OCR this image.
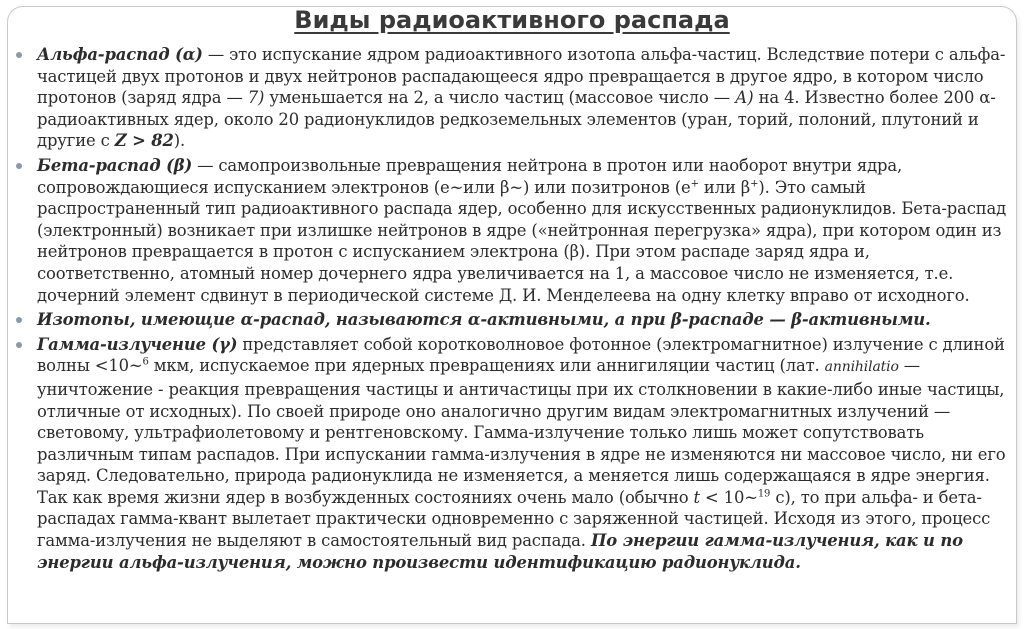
Виды радиоактивного распада
Альфа-распад (α) — это испускание ядром радиоактивного изотопа альфа-частиц. Вследствие потери с альфа-частицей двух протонов и двух нейтронов распадающееся ядро превращается в другое ядро, в котором число протонов (заряд ядра — 7) уменьшается на 2, а число частиц (массовое число — А) на 4. Известно более 200 α-радиоактивных ядер, около 20 радионуклидов редкоземельных элементов (уран, торий, полоний, плутоний и другие с Z > 82).
Бета-распад (β) — самопроизвольные превращения нейтрона в протон или наоборот внутри ядра, сопровождающиеся испусканием электронов (е~или β~) или позитронов (е+ или β+). Это самый распространенный тип радиоактивного распада ядер, особенно для искусственных радионуклидов. Бета-распад (электронный) возникает при излишке нейтронов в ядре («нейтронная перегрузка» ядра), при котором один из нейтронов превращается в протон с испусканием электрона (β). При этом распаде заряд ядра и, соответственно, атомный номер дочернего ядра увеличивается на 1, а массовое число не изменяется, т.е. дочерний элемент сдвинут в периодической системе Д. И. Менделеева на одну клетку вправо от исходного.
Изотопы, имеющие α-распад, называются α-активными, а при β-распаде — β-активными.
Гамма-излучение (γ) представляет собой коротковолновое фотонное (электромагнитное) излучение с длиной волны <10~$^6$ мкм, испускаемое при ядерных превращениях или аннигиляции частиц (лат. annihilatio — уничтожение - реакция превращения частицы и античастицы при их столкновении в какие-либо иные частицы, отличные от исходных). По своей природе оно аналогично другим видам электромагнитных излучений — световому, ультрафиолетовому и рентгеновскому. Гамма-излучение только лишь может сопутствовать различным типам распадов. При испускании гамма-излучения в ядре не изменяются ни массовое число, ни его заряд. Следовательно, природа радионуклида не изменяется, а меняется лишь содержащаяся в ядре энергия. Так как время жизни ядер в возбужденных состояниях очень мало (обычно t < 10~$^{19}$ с), то при альфа- и бета-распадах гамма-квант вылетает практически одновременно с заряженной частицей. Исходя из этого, процесс гамма-излучения не выделяют в самостоятельный вид распада. По энергии гамма-излучения, как и по энергии альфа-излучения, можно произвести идентификацию радионуклида.
